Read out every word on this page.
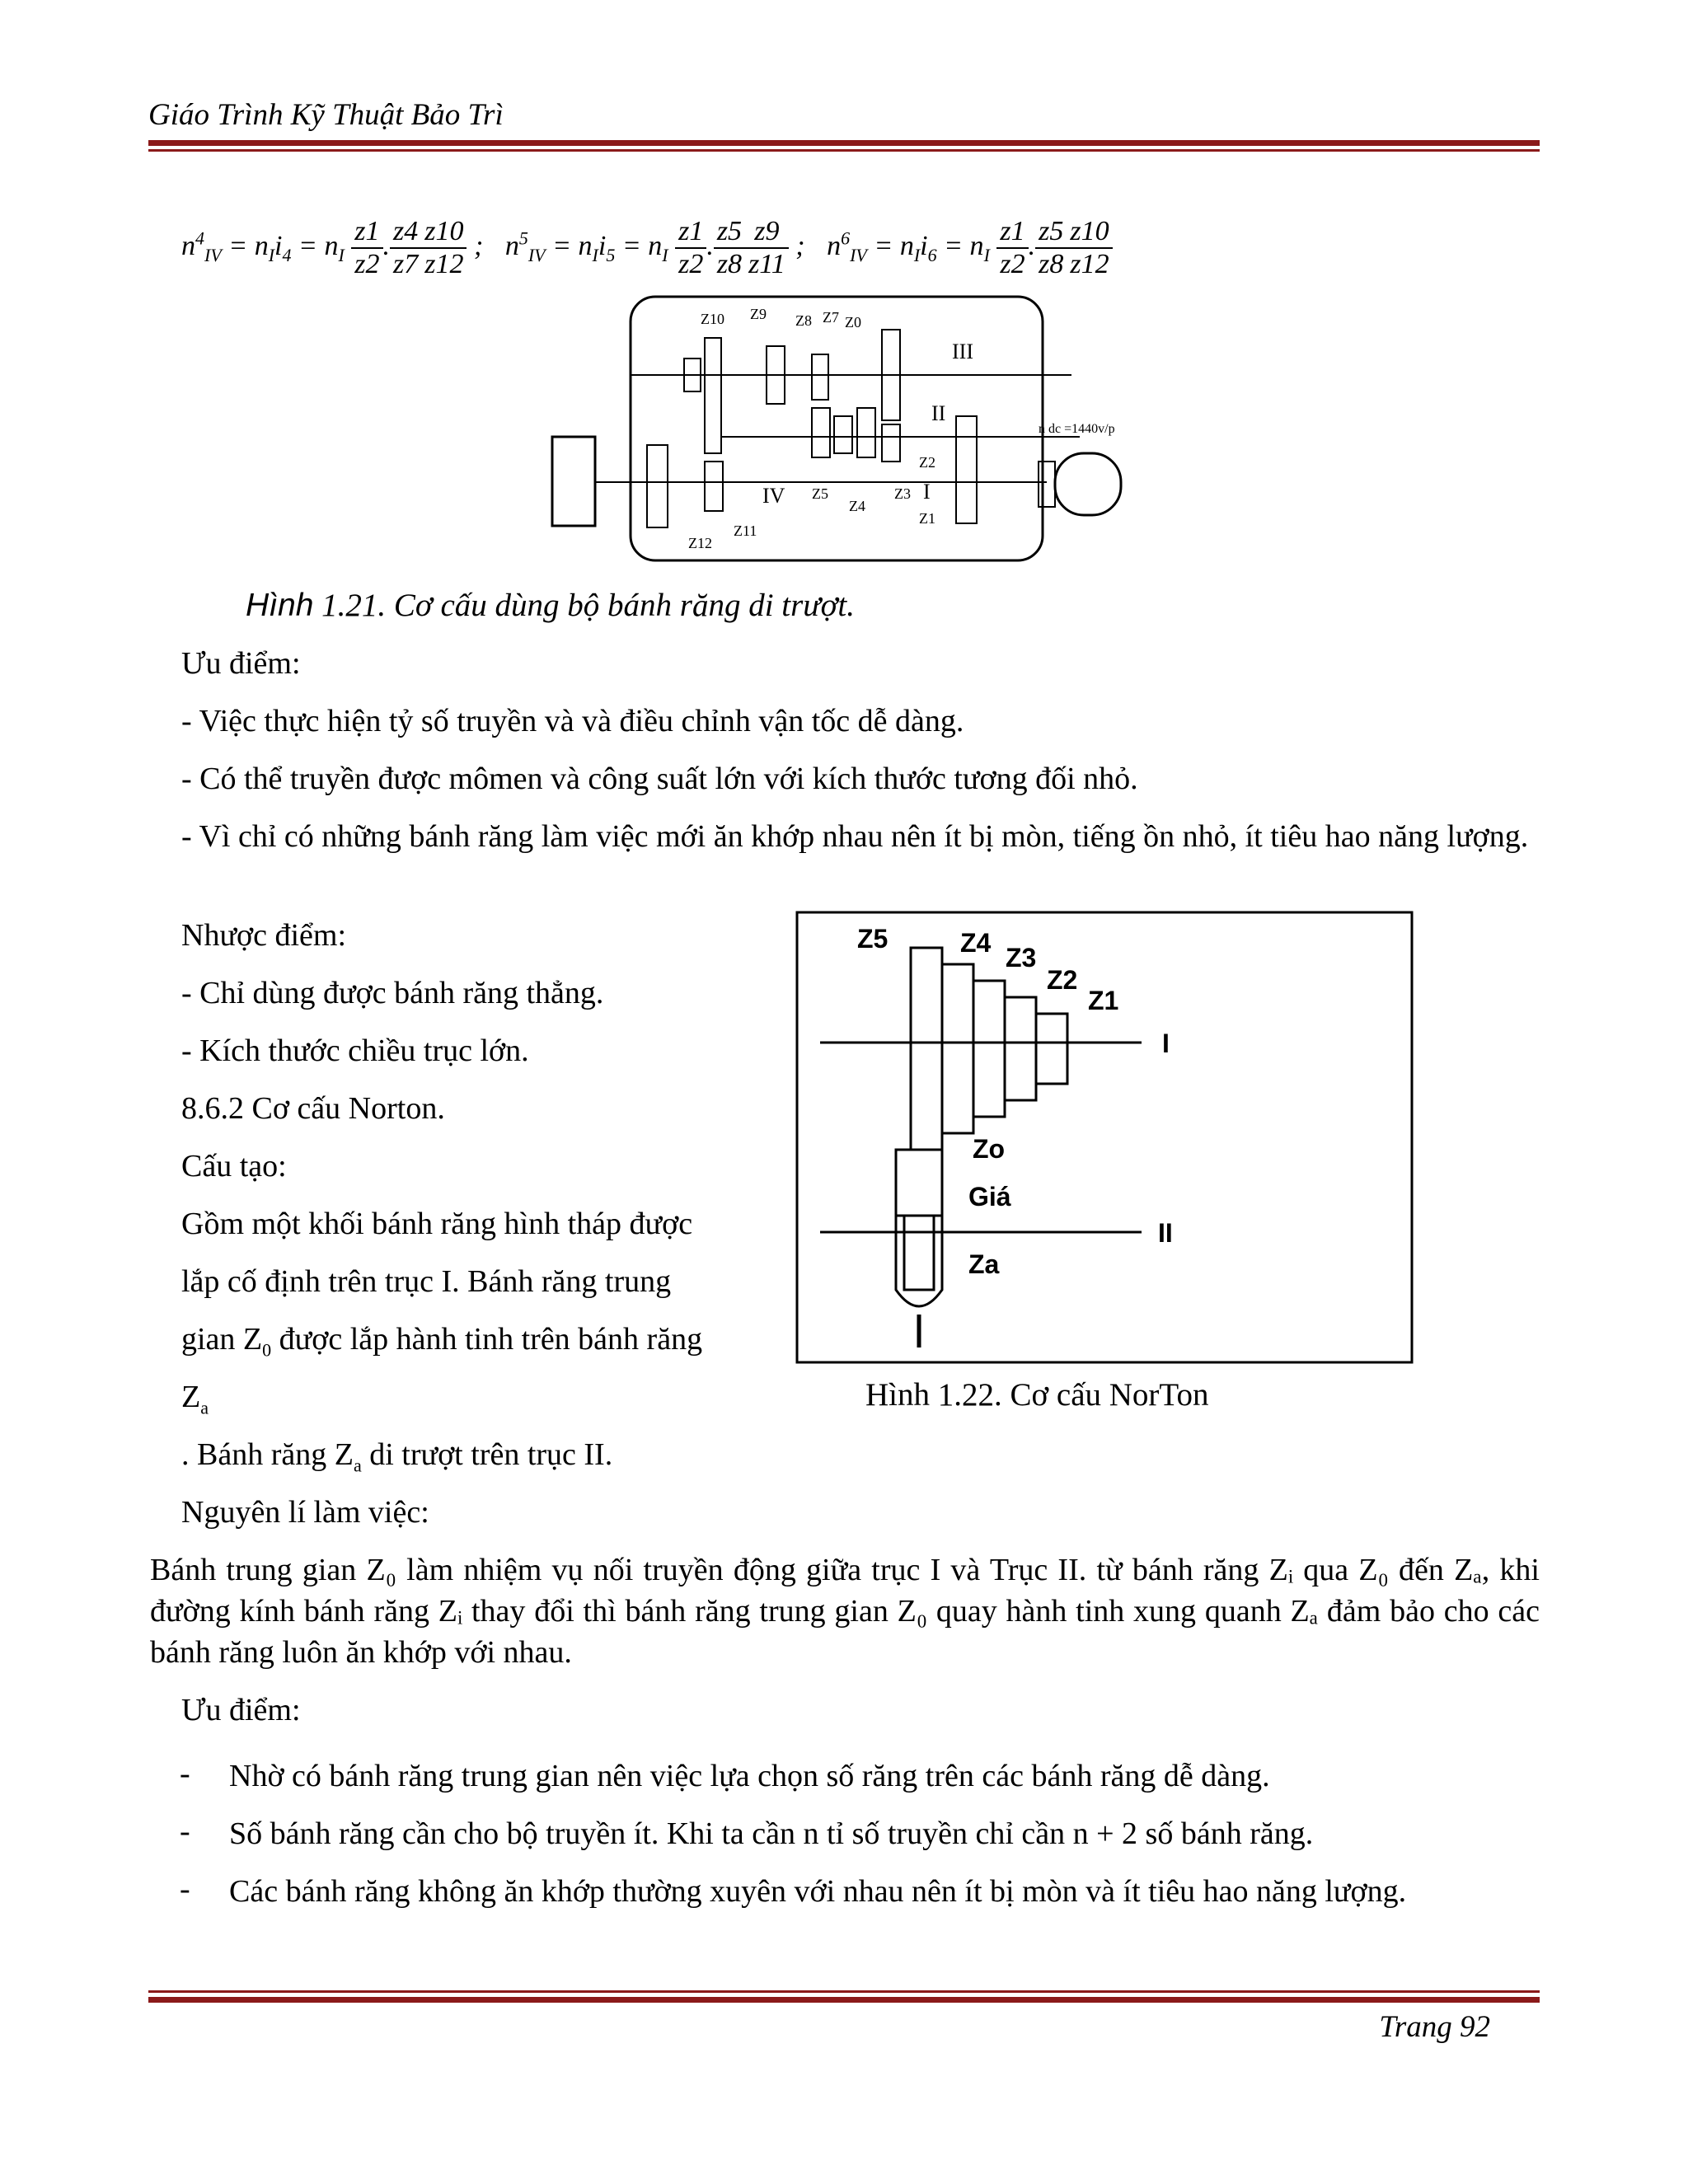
Giáo Trình Kỹ Thuật Bảo Trì
$n^4_{IV} = n_Ii_4 = n_I \frac{z1}{z2}$ . $\frac{z4}{z7} \frac{z10}{z12}$ ; $n^5_{IV} = n_Ii_5 = n_I \frac{z1}{z2}$ . $\frac{z5}{z8} \frac{z9}{z11}$ ; $n^6_{IV} = n_Ii_6 = n_I \frac{z1}{z2}$ . $\frac{z5}{z8} \frac{z10}{z12}$
Z10 Z9 Z8 Z7 Z0
III
II
n dc =1440v/p
Z2
I
Z1
Z3
Z4
Z5
IV
Z11
Z12
Hình 1.21. Cơ cấu dùng bộ bánh răng di trượt.
Ưu điểm:
- Việc thực hiện tỷ số truyền và và điều chỉnh vận tốc dễ dàng.
- Có thể truyền được mômen và công suất lớn với kích thước tương đối nhỏ.
- Vì chỉ có những bánh răng làm việc mới ăn khớp nhau nên ít bị mòn, tiếng ồn nhỏ, ít tiêu hao năng lượng.
Nhược điểm:
- Chỉ dùng được bánh răng thẳng.
- Kích thước chiều trục lớn.
8.6.2 Cơ cấu Norton.
Cấu tạo:
Gồm một khối bánh răng hình tháp được
lắp cố định trên trục I. Bánh răng trung
gian $Z_0$ được lắp hành tinh trên bánh răng
$Z_a$
. Bánh răng $Z_a$ di trượt trên trục II.
Z5	Z4 Z3
Z2
Z1
I
Zo
Giá
II
Za
Hình 1.22. Cơ cấu NorTon
Nguyên lí làm việc:
Bánh trung gian Z₀ làm nhiệm vụ nối truyền động giữa trục I và Trục II. từ bánh răng Zᵢ qua Z₀ đến Zₐ, khi đường kính bánh răng Zᵢ thay đổi thì bánh răng trung gian Z₀ quay hành tinh xung quanh Zₐ đảm bảo cho các bánh răng luôn ăn khớp với nhau.
Ưu điểm:
- Nhờ có bánh răng trung gian nên việc lựa chọn số răng trên các bánh răng dễ dàng.
- Số bánh răng cần cho bộ truyền ít. Khi ta cần n tỉ số truyền chỉ cần n + 2 số bánh răng.
- Các bánh răng không ăn khớp thường xuyên với nhau nên ít bị mòn và ít tiêu hao năng lượng.
Trang 92
